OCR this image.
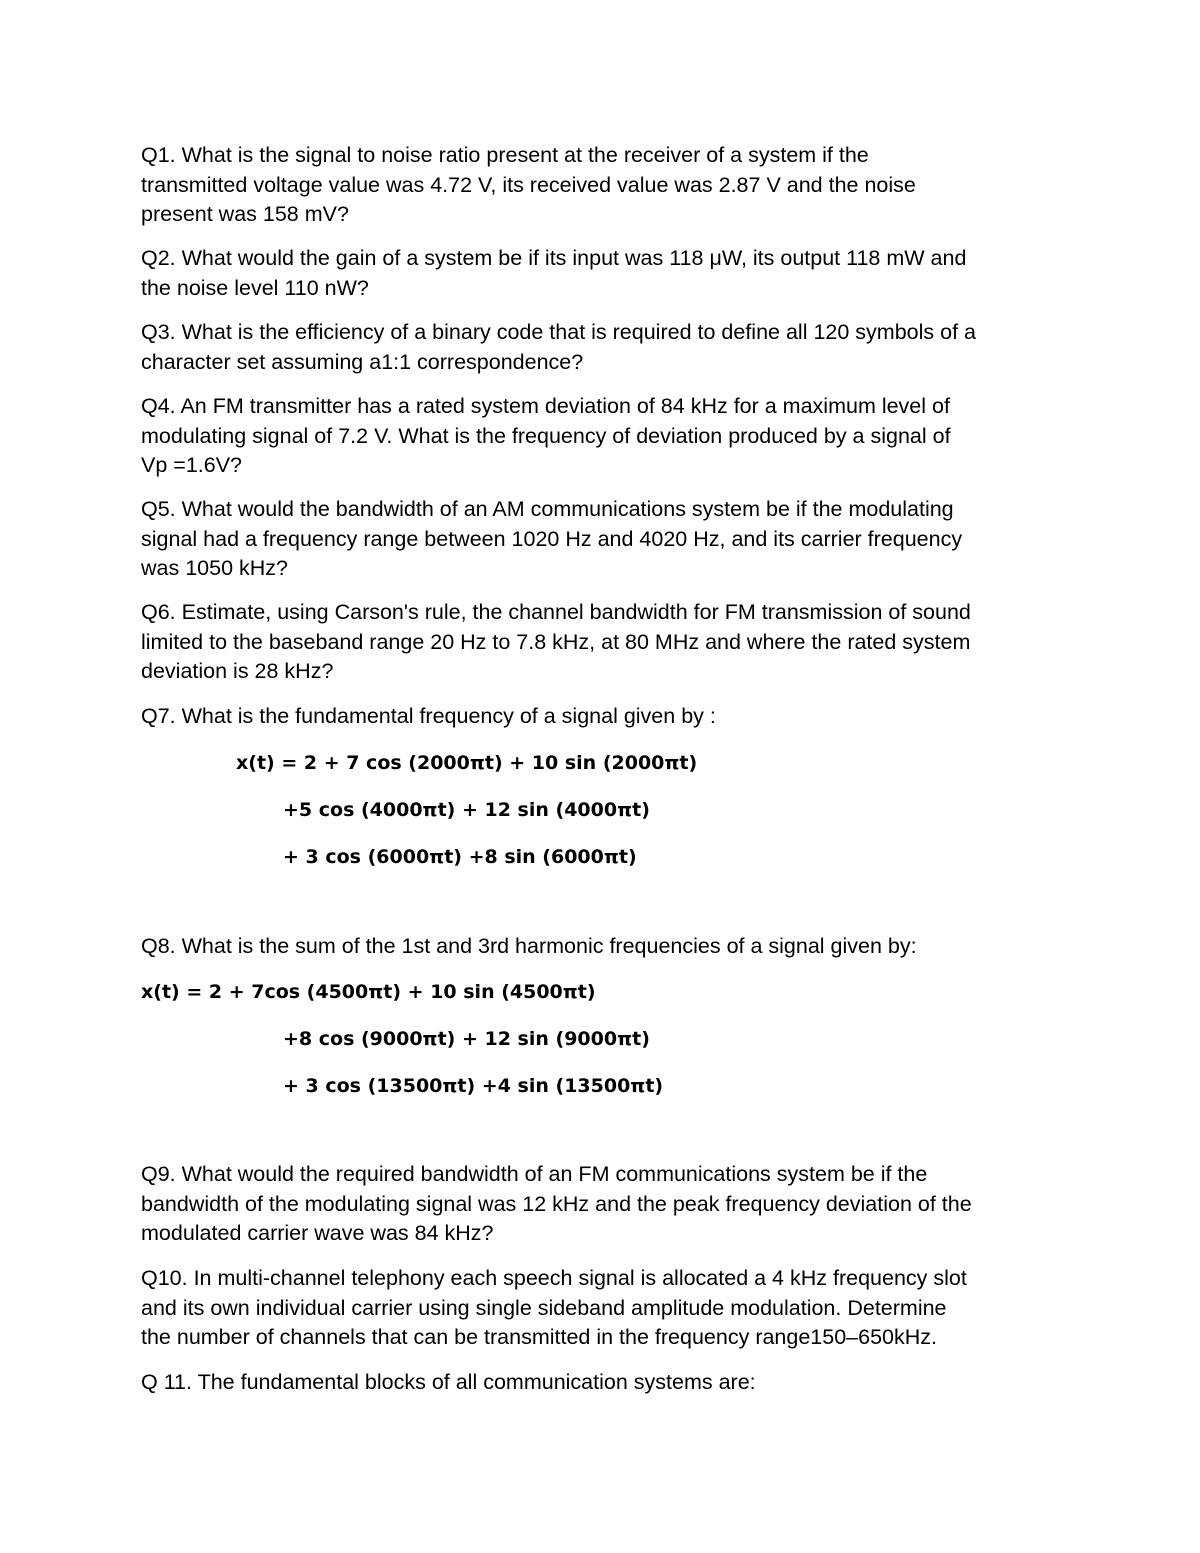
Q1. What is the signal to noise ratio present at the receiver of a system if the
transmitted voltage value was 4.72 V, its received value was 2.87 V and the noise
present was 158 mV?
Q2. What would the gain of a system be if its input was 118 μW, its output 118 mW and
the noise level 110 nW?
Q3. What is the efficiency of a binary code that is required to define all 120 symbols of a
character set assuming a1:1 correspondence?
Q4. An FM transmitter has a rated system deviation of 84 kHz for a maximum level of
modulating signal of 7.2 V. What is the frequency of deviation produced by a signal of
Vp =1.6V?
Q5. What would the bandwidth of an AM communications system be if the modulating
signal had a frequency range between 1020 Hz and 4020 Hz, and its carrier frequency
was 1050 kHz?
Q6. Estimate, using Carson's rule, the channel bandwidth for FM transmission of sound
limited to the baseband range 20 Hz to 7.8 kHz, at 80 MHz and where the rated system
deviation is 28 kHz?
Q7. What is the fundamental frequency of a signal given by :
x(t) = 2 + 7 cos (2000πt) + 10 sin (2000πt)
+5 cos (4000πt) + 12 sin (4000πt)
+ 3 cos (6000πt) +8 sin (6000πt)
Q8. What is the sum of the 1st and 3rd harmonic frequencies of a signal given by:
x(t) = 2 + 7cos (4500πt) + 10 sin (4500πt)
+8 cos (9000πt) + 12 sin (9000πt)
+ 3 cos (13500πt) +4 sin (13500πt)
Q9. What would the required bandwidth of an FM communications system be if the
bandwidth of the modulating signal was 12 kHz and the peak frequency deviation of the
modulated carrier wave was 84 kHz?
Q10. In multi-channel telephony each speech signal is allocated a 4 kHz frequency slot
and its own individual carrier using single sideband amplitude modulation. Determine
the number of channels that can be transmitted in the frequency range150–650kHz.
Q 11. The fundamental blocks of all communication systems are:
